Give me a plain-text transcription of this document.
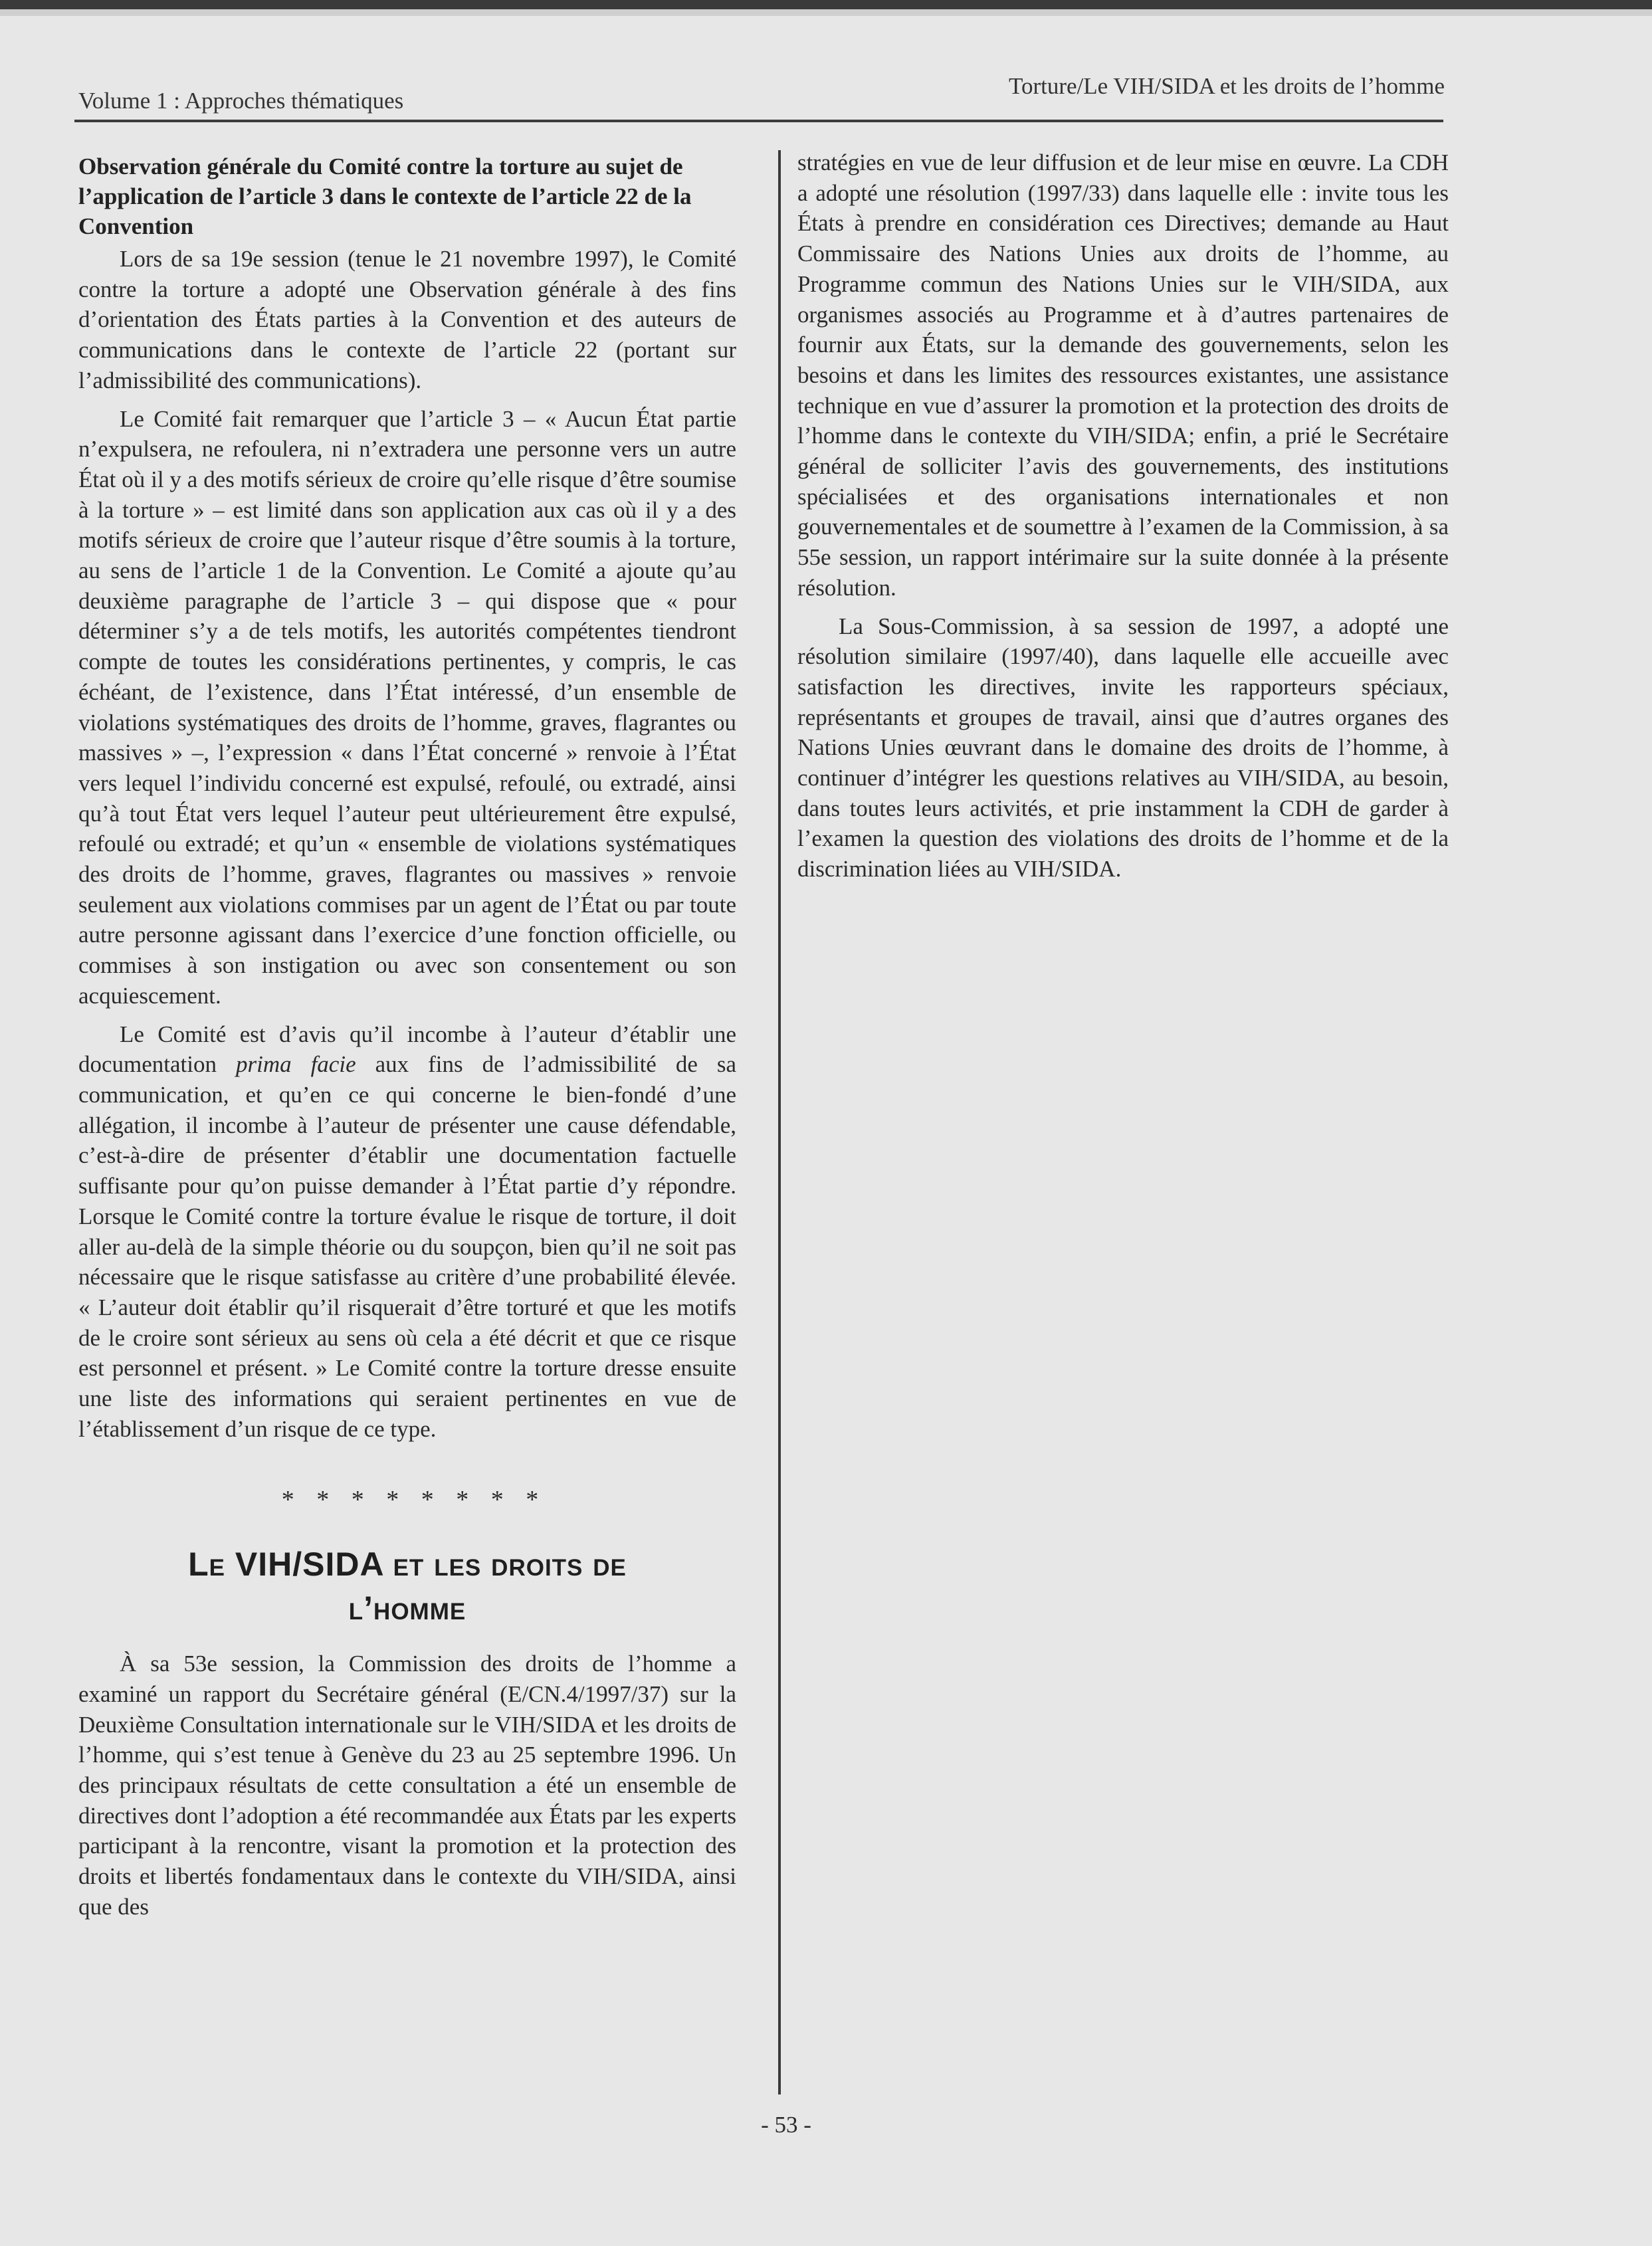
Volume 1 : Approches thématiques
Torture/Le VIH/SIDA et les droits de l’homme
Observation générale du Comité contre la torture au sujet de l’application de l’article 3 dans le contexte de l’article 22 de la Convention

Lors de sa 19e session (tenue le 21 novembre 1997), le Comité contre la torture a adopté une Observation générale à des fins d’orientation des États parties à la Convention et des auteurs de communications dans le contexte de l’article 22 (portant sur l’admissibilité des communications).

Le Comité fait remarquer que l’article 3 – « Aucun État partie n’expulsera, ne refoulera, ni n’extradera une personne vers un autre État où il y a des motifs sérieux de croire qu’elle risque d’être soumise à la torture » – est limité dans son application aux cas où il y a des motifs sérieux de croire que l’auteur risque d’être soumis à la torture, au sens de l’article 1 de la Convention. Le Comité a ajoute qu’au deuxième paragraphe de l’article 3 – qui dispose que « pour déterminer s’y a de tels motifs, les autorités compétentes tiendront compte de toutes les considérations pertinentes, y compris, le cas échéant, de l’existence, dans l’État intéressé, d’un ensemble de violations systématiques des droits de l’homme, graves, flagrantes ou massives » –, l’expression « dans l’État concerné » renvoie à l’État vers lequel l’individu concerné est expulsé, refoulé, ou extradé, ainsi qu’à tout État vers lequel l’auteur peut ultérieurement être expulsé, refoulé ou extradé; et qu’un « ensemble de violations systématiques des droits de l’homme, graves, flagrantes ou massives » renvoie seulement aux violations commises par un agent de l’État ou par toute autre personne agissant dans l’exercice d’une fonction officielle, ou commises à son instigation ou avec son consentement ou son acquiescement.

Le Comité est d’avis qu’il incombe à l’auteur d’établir une documentation prima facie aux fins de l’admissibilité de sa communication, et qu’en ce qui concerne le bien-fondé d’une allégation, il incombe à l’auteur de présenter une cause défendable, c’est-à-dire de présenter d’établir une documentation factuelle suffisante pour qu’on puisse demander à l’État partie d’y répondre. Lorsque le Comité contre la torture évalue le risque de torture, il doit aller au-delà de la simple théorie ou du soupçon, bien qu’il ne soit pas nécessaire que le risque satisfasse au critère d’une probabilité élevée. « L’auteur doit établir qu’il risquerait d’être torturé et que les motifs de le croire sont sérieux au sens où cela a été décrit et que ce risque est personnel et présent. » Le Comité contre la torture dresse ensuite une liste des informations qui seraient pertinentes en vue de l’établissement d’un risque de ce type.

* * * * * * * *
Le VIH/SIDA et les droits de
l’homme

À sa 53e session, la Commission des droits de l’homme a examiné un rapport du Secrétaire général (E/CN.4/1997/37) sur la Deuxième Consultation internationale sur le VIH/SIDA et les droits de l’homme, qui s’est tenue à Genève du 23 au 25 septembre 1996. Un des principaux résultats de cette consultation a été un ensemble de directives dont l’adoption a été recommandée aux États par les experts participant à la rencontre, visant la promotion et la protection des droits et libertés fondamentaux dans le contexte du VIH/SIDA, ainsi que des

stratégies en vue de leur diffusion et de leur mise en œuvre. La CDH a adopté une résolution (1997/33) dans laquelle elle : invite tous les États à prendre en considération ces Directives; demande au Haut Commissaire des Nations Unies aux droits de l’homme, au Programme commun des Nations Unies sur le VIH/SIDA, aux organismes associés au Programme et à d’autres partenaires de fournir aux États, sur la demande des gouvernements, selon les besoins et dans les limites des ressources existantes, une assistance technique en vue d’assurer la promotion et la protection des droits de l’homme dans le contexte du VIH/SIDA; enfin, a prié le Secrétaire général de solliciter l’avis des gouvernements, des institutions spécialisées et des organisations internationales et non gouvernementales et de soumettre à l’examen de la Commission, à sa 55e session, un rapport intérimaire sur la suite donnée à la présente résolution.

La Sous-Commission, à sa session de 1997, a adopté une résolution similaire (1997/40), dans laquelle elle accueille avec satisfaction les directives, invite les rapporteurs spéciaux, représentants et groupes de travail, ainsi que d’autres organes des Nations Unies œuvrant dans le domaine des droits de l’homme, à continuer d’intégrer les questions relatives au VIH/SIDA, au besoin, dans toutes leurs activités, et prie instamment la CDH de garder à l’examen la question des violations des droits de l’homme et de la discrimination liées au VIH/SIDA.

- 53 -
